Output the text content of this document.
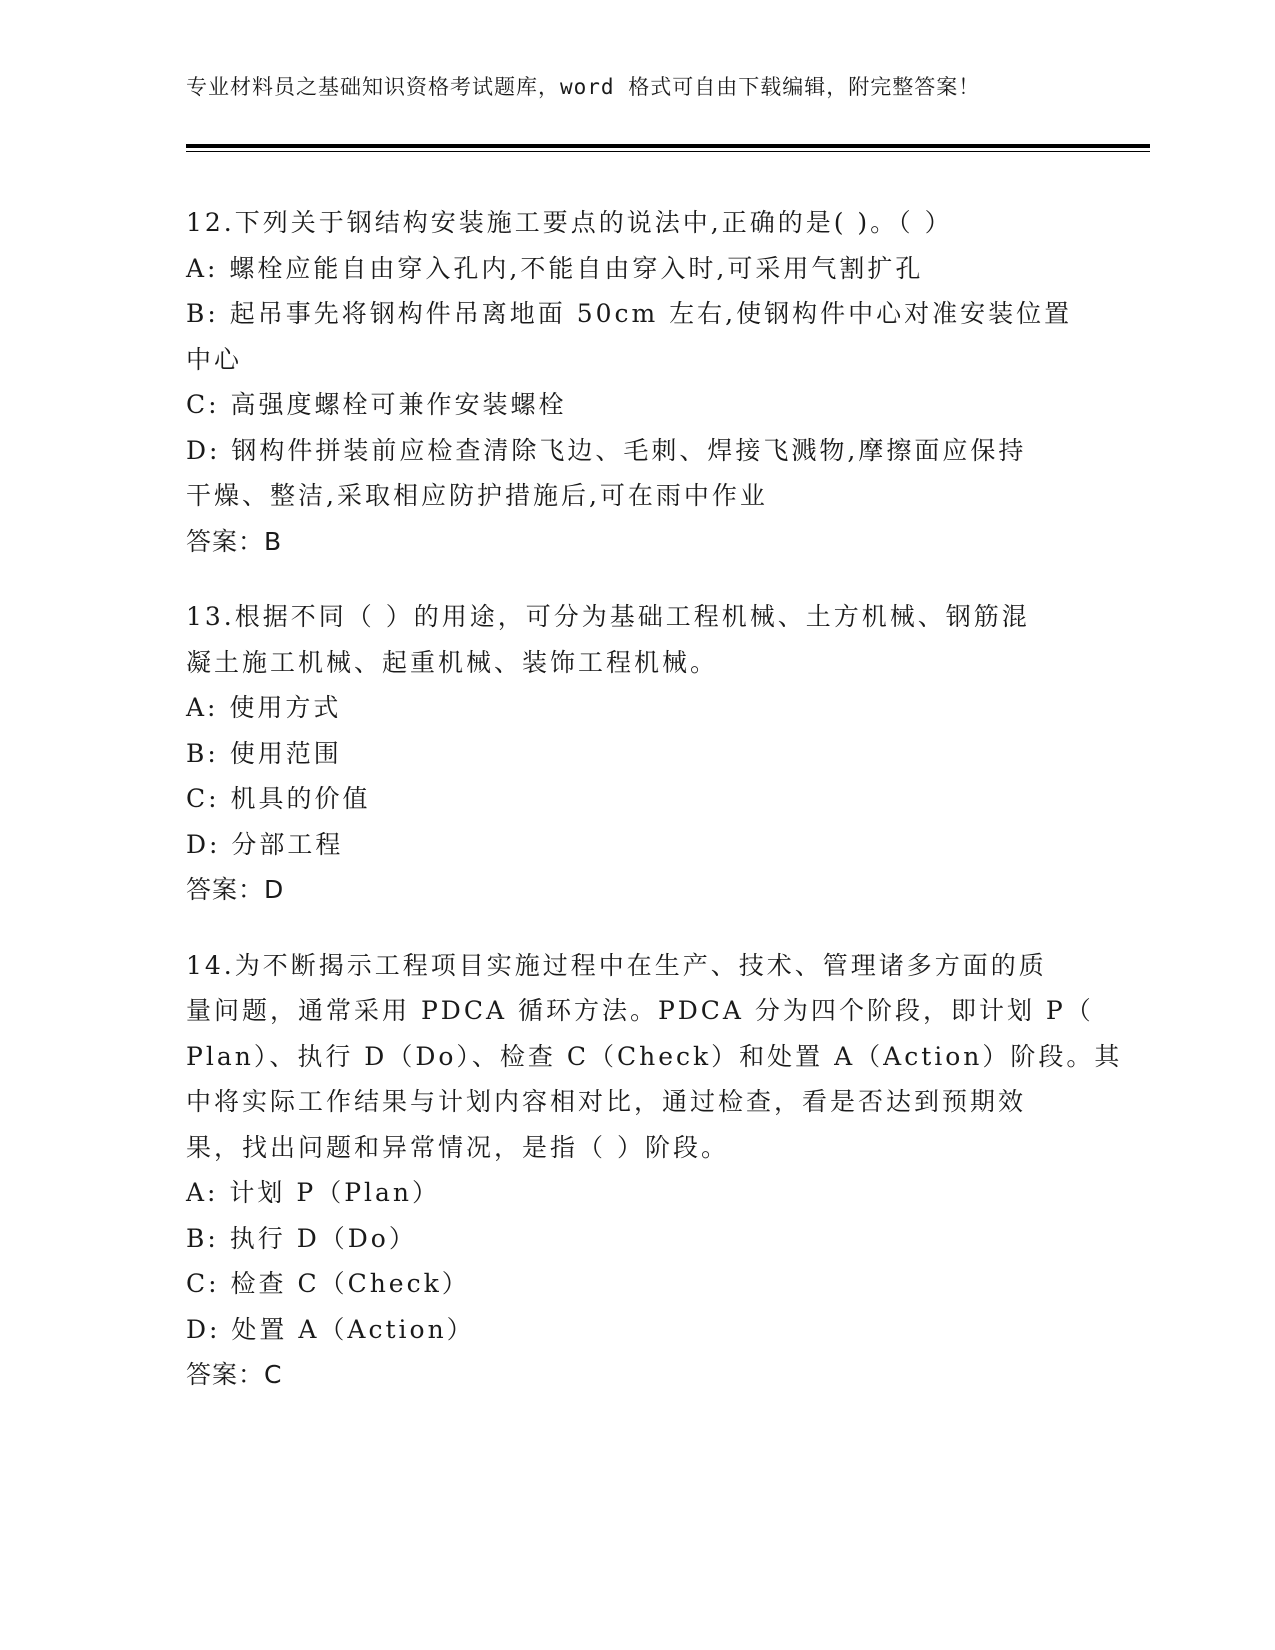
专业材料员之基础知识资格考试题库，word 格式可自由下载编辑，附完整答案！
12.下列关于钢结构安装施工要点的说法中,正确的是( )。（ ）
A: 螺栓应能自由穿入孔内,不能自由穿入时,可采用气割扩孔
B: 起吊事先将钢构件吊离地面 50cm 左右,使钢构件中心对准安装位置
中心
C: 高强度螺栓可兼作安装螺栓
D: 钢构件拼装前应检查清除飞边、毛刺、焊接飞溅物,摩擦面应保持
干燥、整洁,采取相应防护措施后,可在雨中作业
答案：B
13.根据不同（ ）的用途，可分为基础工程机械、土方机械、钢筋混
凝土施工机械、起重机械、装饰工程机械。
A: 使用方式
B: 使用范围
C: 机具的价值
D: 分部工程
答案：D
14.为不断揭示工程项目实施过程中在生产、技术、管理诸多方面的质
量问题，通常采用 PDCA 循环方法。PDCA 分为四个阶段，即计划 P（
Plan）、执行 D（Do）、检查 C（Check）和处置 A（Action）阶段。其
中将实际工作结果与计划内容相对比，通过检查，看是否达到预期效
果，找出问题和异常情况，是指（ ）阶段。
A: 计划 P（Plan）
B: 执行 D（Do）
C: 检查 C（Check）
D: 处置 A（Action）
答案：C
